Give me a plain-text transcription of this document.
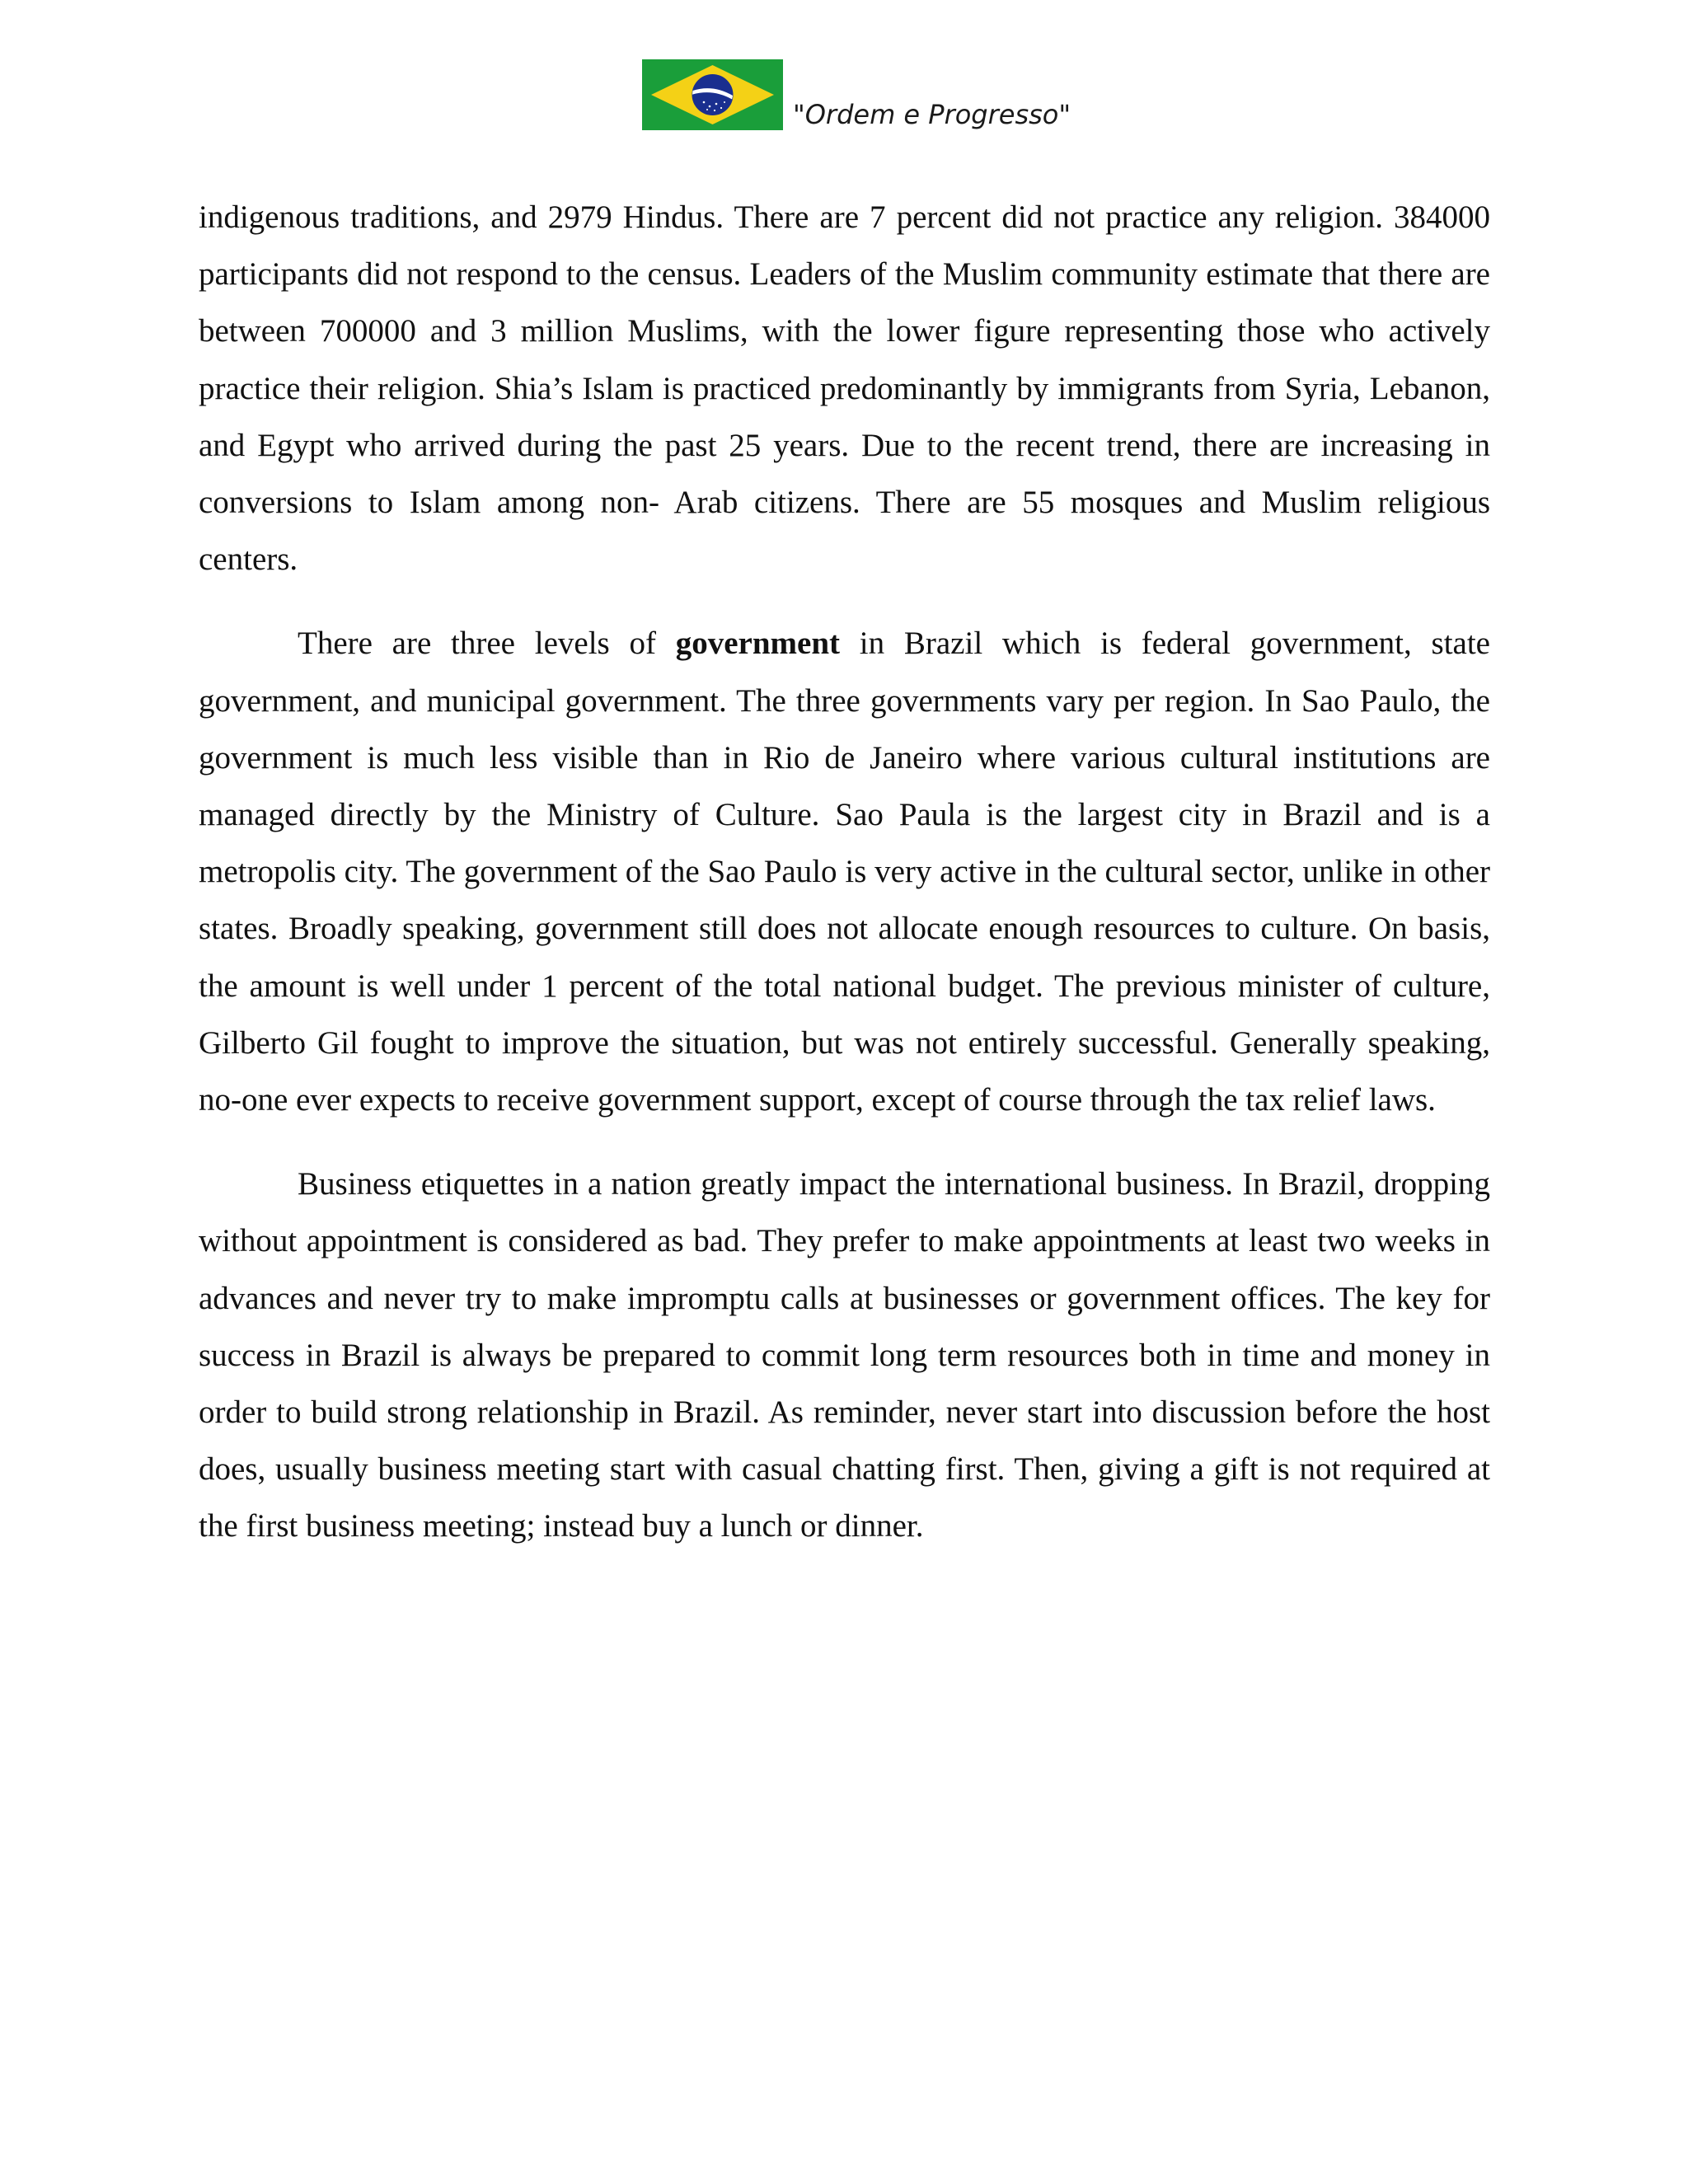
"Ordem e Progresso"

indigenous traditions, and 2979 Hindus. There are 7 percent did not practice any religion. 384000 participants did not respond to the census. Leaders of the Muslim community estimate that there are between 700000 and 3 million Muslims, with the lower figure representing those who actively practice their religion. Shia’s Islam is practiced predominantly by immigrants from Syria, Lebanon, and Egypt who arrived during the past 25 years. Due to the recent trend, there are increasing in conversions to Islam among non- Arab citizens. There are 55 mosques and Muslim religious centers.

There are three levels of government in Brazil which is federal government, state government, and municipal government. The three governments vary per region. In Sao Paulo, the government is much less visible than in Rio de Janeiro where various cultural institutions are managed directly by the Ministry of Culture. Sao Paula is the largest city in Brazil and is a metropolis city. The government of the Sao Paulo is very active in the cultural sector, unlike in other states. Broadly speaking, government still does not allocate enough resources to culture. On basis, the amount is well under 1 percent of the total national budget. The previous minister of culture, Gilberto Gil fought to improve the situation, but was not entirely successful. Generally speaking, no-one ever expects to receive government support, except of course through the tax relief laws.

Business etiquettes in a nation greatly impact the international business. In Brazil, dropping without appointment is considered as bad. They prefer to make appointments at least two weeks in advances and never try to make impromptu calls at businesses or government offices. The key for success in Brazil is always be prepared to commit long term resources both in time and money in order to build strong relationship in Brazil. As reminder, never start into discussion before the host does, usually business meeting start with casual chatting first. Then, giving a gift is not required at the first business meeting; instead buy a lunch or dinner.
